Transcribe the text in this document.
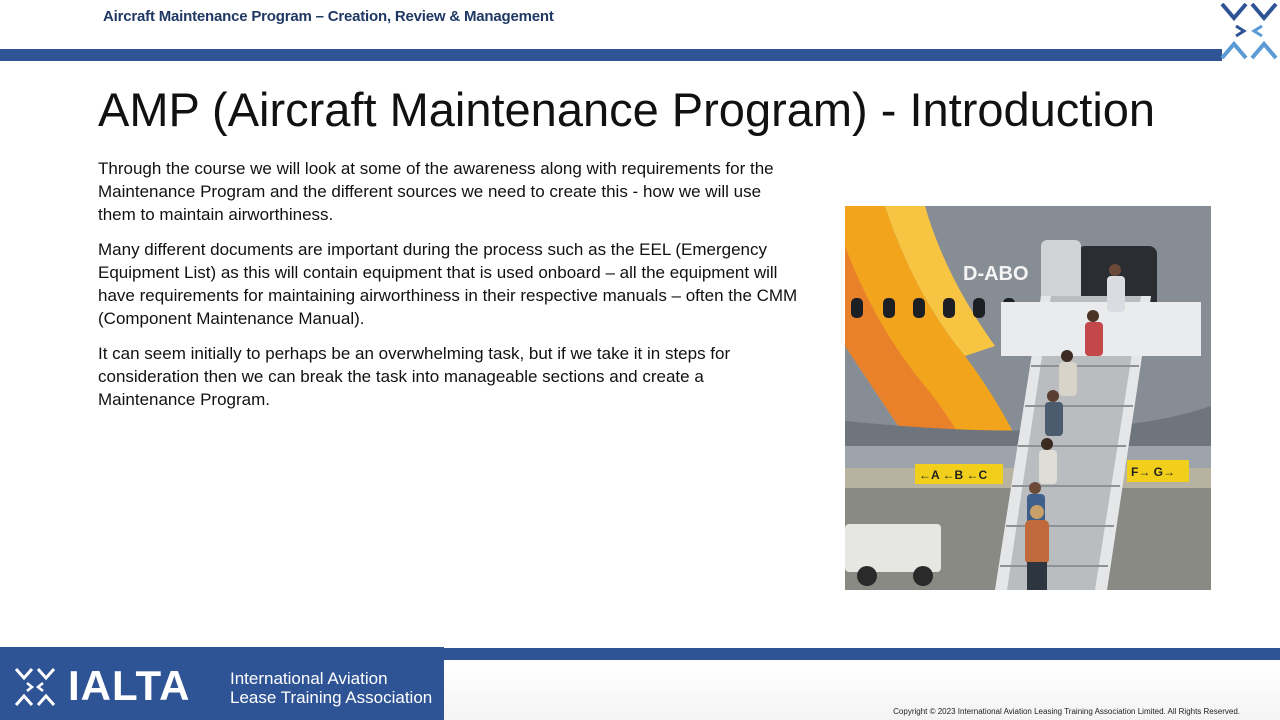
Aircraft Maintenance Program – Creation, Review & Management
AMP (Aircraft Maintenance Program) - Introduction

Through the course we will look at some of the awareness along with requirements for the Maintenance Program and the different sources we need to create this - how we will use them to maintain airworthiness.

Many different documents are important during the process such as the EEL (Emergency Equipment List) as this will contain equipment that is used onboard – all the equipment will have requirements for maintaining airworthiness in their respective manuals – often the CMM (Component Maintenance Manual).

It can seem initially to perhaps be an overwhelming task, but if we take it in steps for consideration then we can break the task into manageable sections and create a Maintenance Program.

D-ABO
←A ←B ←C	F→ G→
IALTA International Aviation
Lease Training Association
Copyright © 2023 International Aviation Leasing Training Association Limited. All Rights Reserved.
